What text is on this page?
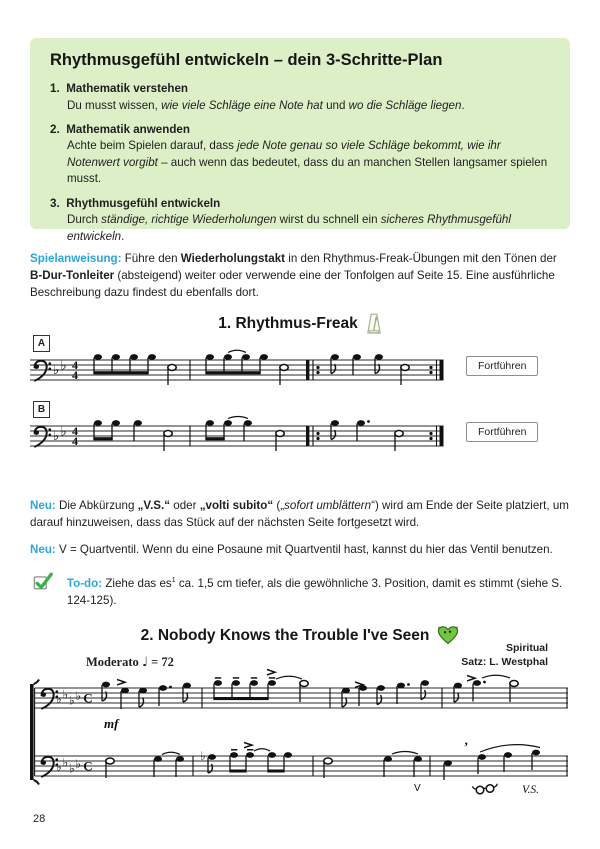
Rhythmusgefühl entwickeln – dein 3-Schritte-Plan
1. Mathematik verstehen

Du musst wissen, wie viele Schläge eine Note hat und wo die Schläge liegen.

2. Mathematik anwenden

Achte beim Spielen darauf, dass jede Note genau so viele Schläge bekommt, wie ihr Notenwert vorgibt – auch wenn das bedeutet, dass du an manchen Stellen langsamer spielen musst.

3. Rhythmusgefühl entwickeln

Durch ständige, richtige Wiederholungen wirst du schnell ein sicheres Rhythmusgefühl entwickeln.

Spielanweisung: Führe den Wiederholungstakt in den Rhythmus-Freak-Übungen mit den Tönen der B-Dur-Tonleiter (absteigend) weiter oder verwende eine der Tonfolgen auf Seite 15. Eine ausführliche Beschreibung dazu findest du ebenfalls dort.

1. Rhythmus-Freak
A
♭ ♭ 4
4
Fortführen
B
♭ ♭ 4
4
Fortführen

Neu: Die Abkürzung „V.S.“ oder „volti subito“ („sofort umblättern“) wird am Ende der Seite platziert, um darauf hinzuweisen, dass das Stück auf der nächsten Seite fortgesetzt wird.

Neu: V = Quartventil. Wenn du eine Posaune mit Quartventil hast, kannst du hier das Ventil benutzen.

To-do: Ziehe das $es^1$ ca. 1,5 cm tiefer, als die gewöhnliche 3. Position, damit es stimmt (siehe S. 124-125).

2. Nobody Knows the Trouble I've Seen
Spiritual
Satz: L. Westphal
Moderato ♩ = 72
♭ ♭ ♭ ♭ C
mf
♭ ♭ ♭ ♭ C
♭
V
’
V.S.
28
